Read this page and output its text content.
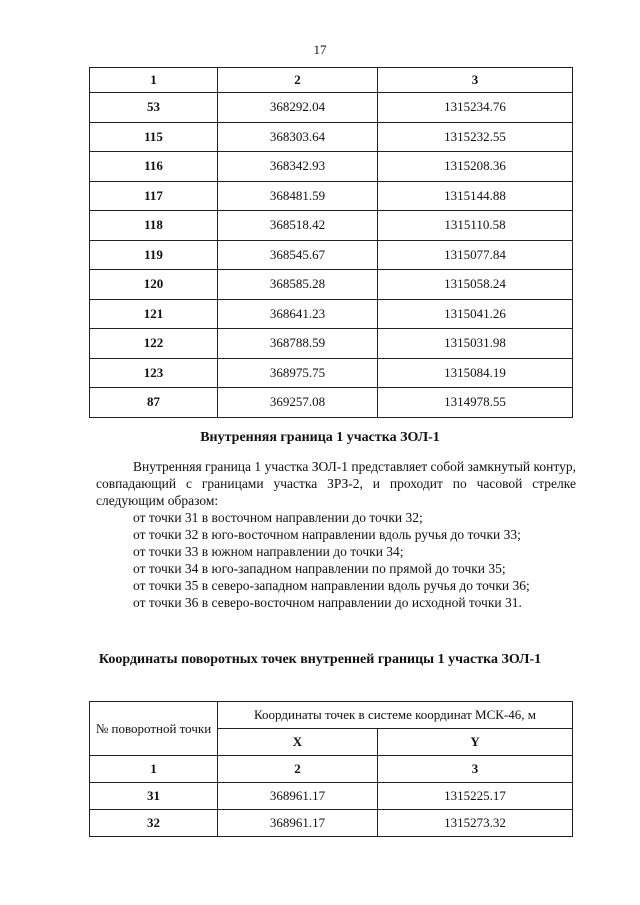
17
1	2	3
53	368292.04	1315234.76
115	368303.64	1315232.55
116	368342.93	1315208.36
117	368481.59	1315144.88
118	368518.42	1315110.58
119	368545.67	1315077.84
120	368585.28	1315058.24
121	368641.23	1315041.26
122	368788.59	1315031.98
123	368975.75	1315084.19
87	369257.08	1314978.55
Внутренняя граница 1 участка ЗОЛ-1

Внутренняя граница 1 участка ЗОЛ-1 представляет собой замкнутый контур, совпадающий с границами участка ЗРЗ-2, и проходит по часовой стрелке следующим образом:

от точки 31 в восточном направлении до точки 32;

от точки 32 в юго-восточном направлении вдоль ручья до точки 33;

от точки 33 в южном направлении до точки 34;

от точки 34 в юго-западном направлении по прямой до точки 35;

от точки 35 в северо-западном направлении вдоль ручья до точки 36;

от точки 36 в северо-восточном направлении до исходной точки 31.

Координаты поворотных точек внутренней границы 1 участка ЗОЛ-1
№ поворотной точки	Координаты точек в системе координат МСК-46, м	
	X	Y
1	2	3
31	368961.17	1315225.17
32	368961.17	1315273.32
